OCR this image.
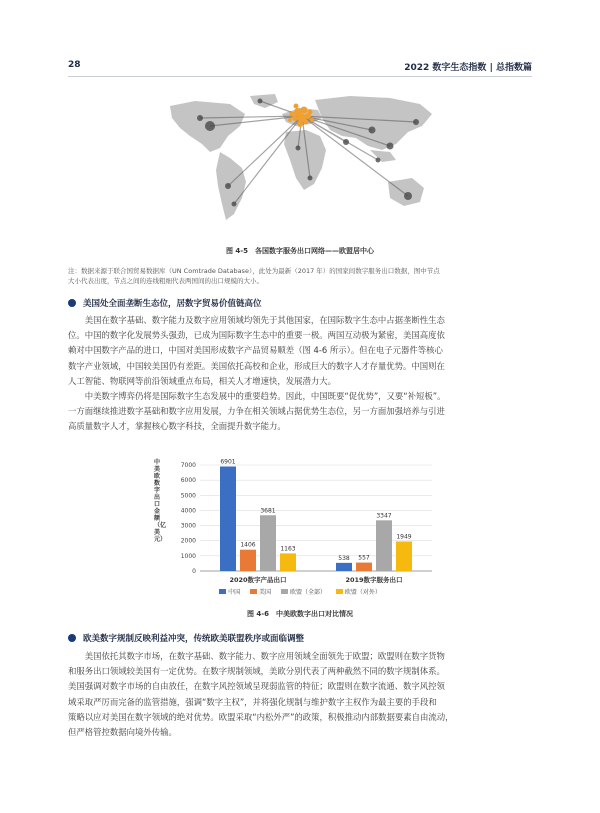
28	2022 数字生态指数 | 总指数篇
图 4-5　各国数字服务出口网络——欧盟居中心
注：数据来源于联合国贸易数据库（UN Comtrade Database），此处为最新（2017 年）的国家间数字服务出口数据，图中节点
大小代表出度，节点之间的连线粗细代表两国间的出口规模的大小。
美国处全面垄断生态位，居数字贸易价值链高位
　　美国在数字基础、数字能力及数字应用领域均领先于其他国家，在国际数字生态中占据垄断性生态
位。中国的数字化发展势头强劲，已成为国际数字生态中的重要一极。两国互动极为紧密，美国高度依
赖对中国数字产品的进口，中国对美国形成数字产品贸易顺差（图 4-6 所示）。但在电子元器件等核心
数字产业领域，中国较美国仍有差距。美国依托高校和企业，形成巨大的数字人才存量优势。中国则在
人工智能、物联网等前沿领域重点布局，相关人才增速快，发展潜力大。
　　中美数字博弈仍将是国际数字生态发展中的重要趋势。因此，中国既要“促优势”，又要“补短板”。
一方面继续推进数字基础和数字应用发展，力争在相关领域占据优势生态位，另一方面加强培养与引进
高质量数字人才，掌握核心数字科技，全面提升数字能力。
0
1000
2000
3000
4000
5000
6000
7000
6901
1406
3681
1163
2020数字产品出口
538 557
3347
1949
2019数字服务出口
中美欧数字出口金额（亿美元）
中国	美国	欧盟（全部）	欧盟（对外）
图 4-6　中美欧数字出口对比情况
欧美数字规制反映利益冲突，传统欧美联盟秩序或面临调整
　　美国依托其数字市场，在数字基础、数字能力、数字应用领域全面领先于欧盟；欧盟则在数字货物
和服务出口领域较美国有一定优势。在数字规制领域，美欧分别代表了两种截然不同的数字规制体系。
美国强调对数字市场的自由放任，在数字风控领域呈现弱监管的特征；欧盟则在数字流通、数字风控领
域采取严厉而完备的监管措施，强调“数字主权”，并将强化规制与维护数字主权作为最主要的手段和
策略以应对美国在数字领域的绝对优势。欧盟采取“内松外严”的政策，积极推动内部数据要素自由流动，
但严格管控数据向境外传输。
